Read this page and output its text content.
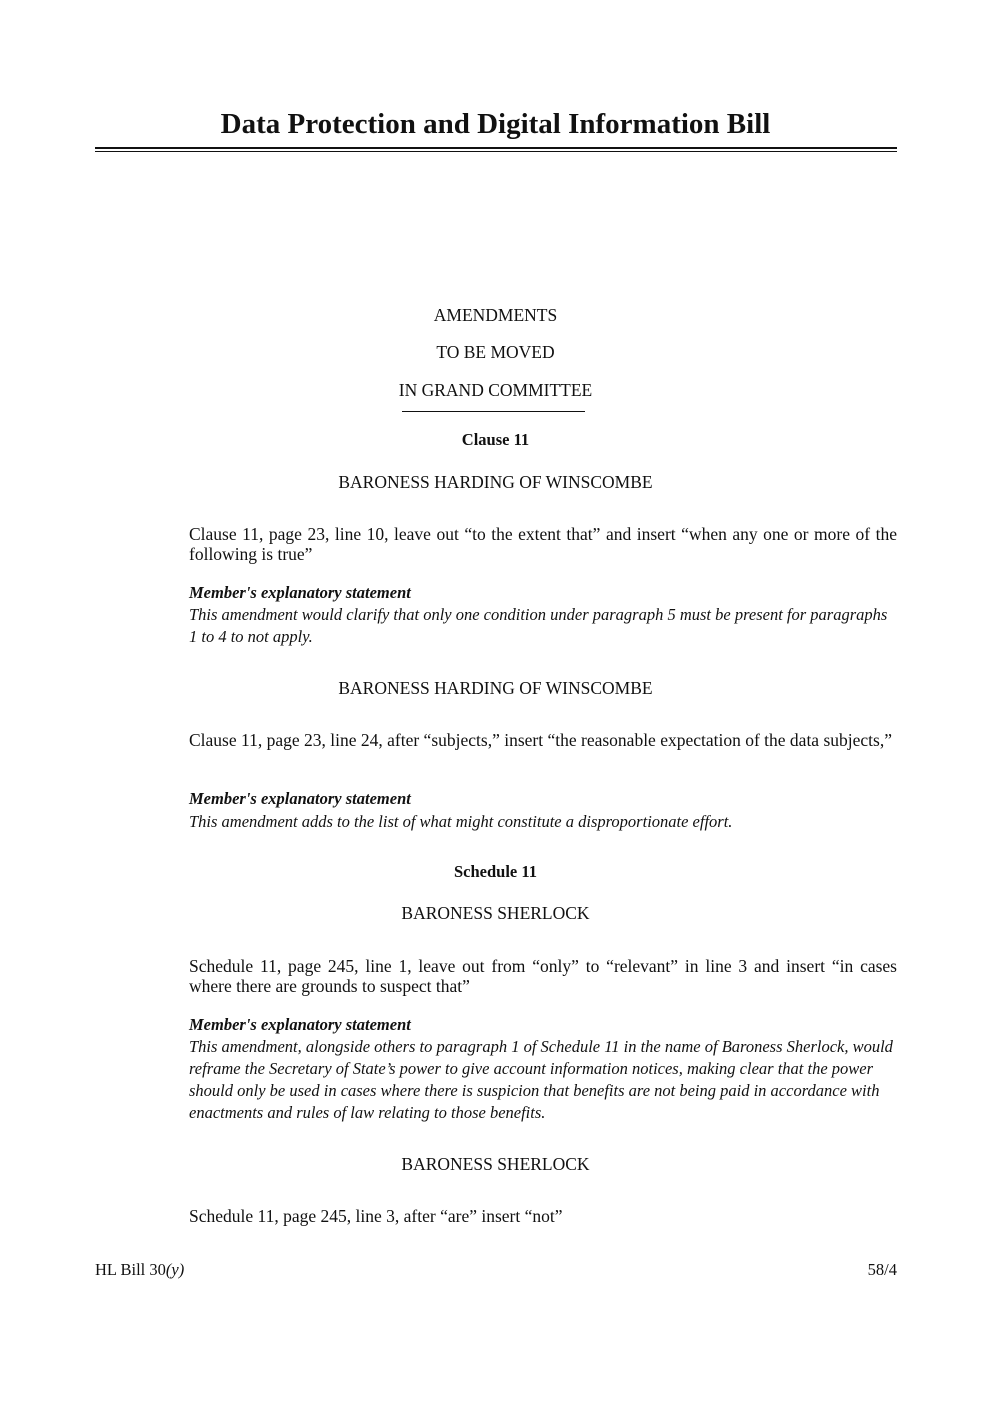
Data Protection and Digital Information Bill
AMENDMENTS
TO BE MOVED
IN GRAND COMMITTEE
Clause 11
BARONESS HARDING OF WINSCOMBE
Clause 11, page 23, line 10, leave out “to the extent that” and insert “when any one or more of the following is true”
Member's explanatory statement
This amendment would clarify that only one condition under paragraph 5 must be present for paragraphs 1 to 4 to not apply.
BARONESS HARDING OF WINSCOMBE
Clause 11, page 23, line 24, after “subjects,” insert “the reasonable expectation of the data subjects,”
Member's explanatory statement
This amendment adds to the list of what might constitute a disproportionate effort.
Schedule 11
BARONESS SHERLOCK
Schedule 11, page 245, line 1, leave out from “only” to “relevant” in line 3 and insert “in cases where there are grounds to suspect that”
Member's explanatory statement
This amendment, alongside others to paragraph 1 of Schedule 11 in the name of Baroness Sherlock, would reframe the Secretary of State’s power to give account information notices, making clear that the power should only be used in cases where there is suspicion that benefits are not being paid in accordance with enactments and rules of law relating to those benefits.
BARONESS SHERLOCK
Schedule 11, page 245, line 3, after “are” insert “not”
HL Bill 30(y)	58/4
